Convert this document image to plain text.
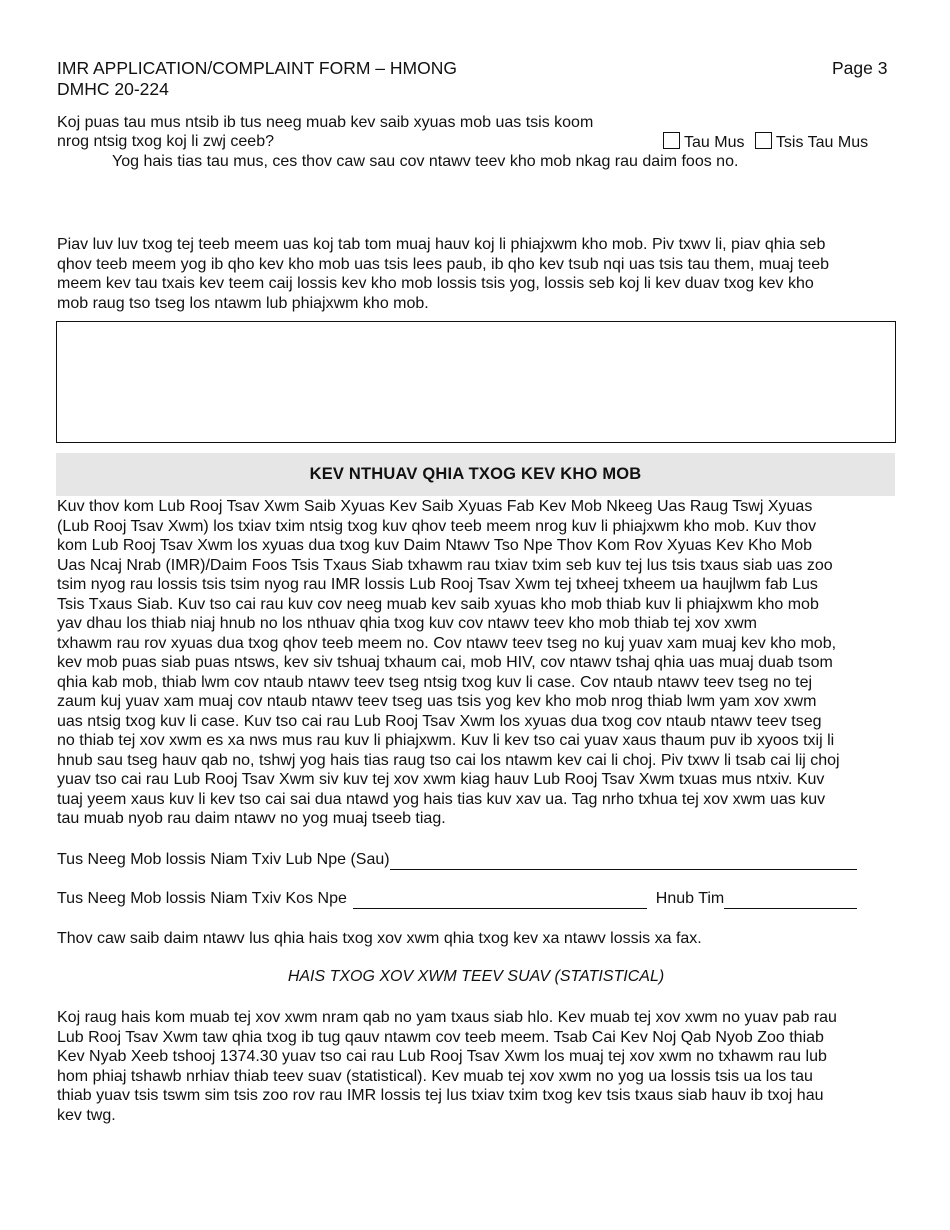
IMR APPLICATION/COMPLAINT FORM – HMONG
DMHC 20-224
Page 3
Koj puas tau mus ntsib ib tus neeg muab kev saib xyuas mob uas tsis koom
nrog ntsig txog koj li zwj ceeb?	Tau Mus Tsis Tau Mus
Yog hais tias tau mus, ces thov caw sau cov ntawv teev kho mob nkag rau daim foos no.
Piav luv luv txog tej teeb meem uas koj tab tom muaj hauv koj li phiajxwm kho mob. Piv txwv li, piav qhia seb
qhov teeb meem yog ib qho kev kho mob uas tsis lees paub, ib qho kev tsub nqi uas tsis tau them, muaj teeb
meem kev tau txais kev teem caij lossis kev kho mob lossis tsis yog, lossis seb koj li kev duav txog kev kho
mob raug tso tseg los ntawm lub phiajxwm kho mob.
KEV NTHUAV QHIA TXOG KEV KHO MOB
Kuv thov kom Lub Rooj Tsav Xwm Saib Xyuas Kev Saib Xyuas Fab Kev Mob Nkeeg Uas Raug Tswj Xyuas
(Lub Rooj Tsav Xwm) los txiav txim ntsig txog kuv qhov teeb meem nrog kuv li phiajxwm kho mob. Kuv thov
kom Lub Rooj Tsav Xwm los xyuas dua txog kuv Daim Ntawv Tso Npe Thov Kom Rov Xyuas Kev Kho Mob
Uas Ncaj Nrab (IMR)/Daim Foos Tsis Txaus Siab txhawm rau txiav txim seb kuv tej lus tsis txaus siab uas zoo
tsim nyog rau lossis tsis tsim nyog rau IMR lossis Lub Rooj Tsav Xwm tej txheej txheem ua haujlwm fab Lus
Tsis Txaus Siab. Kuv tso cai rau kuv cov neeg muab kev saib xyuas kho mob thiab kuv li phiajxwm kho mob
yav dhau los thiab niaj hnub no los nthuav qhia txog kuv cov ntawv teev kho mob thiab tej xov xwm
txhawm rau rov xyuas dua txog qhov teeb meem no. Cov ntawv teev tseg no kuj yuav xam muaj kev kho mob,
kev mob puas siab puas ntsws, kev siv tshuaj txhaum cai, mob HIV, cov ntawv tshaj qhia uas muaj duab tsom
qhia kab mob, thiab lwm cov ntaub ntawv teev tseg ntsig txog kuv li case. Cov ntaub ntawv teev tseg no tej
zaum kuj yuav xam muaj cov ntaub ntawv teev tseg uas tsis yog kev kho mob nrog thiab lwm yam xov xwm
uas ntsig txog kuv li case. Kuv tso cai rau Lub Rooj Tsav Xwm los xyuas dua txog cov ntaub ntawv teev tseg
no thiab tej xov xwm es xa nws mus rau kuv li phiajxwm. Kuv li kev tso cai yuav xaus thaum puv ib xyoos txij li
hnub sau tseg hauv qab no, tshwj yog hais tias raug tso cai los ntawm kev cai li choj. Piv txwv li tsab cai lij choj
yuav tso cai rau Lub Rooj Tsav Xwm siv kuv tej xov xwm kiag hauv Lub Rooj Tsav Xwm txuas mus ntxiv. Kuv
tuaj yeem xaus kuv li kev tso cai sai dua ntawd yog hais tias kuv xav ua. Tag nrho txhua tej xov xwm uas kuv
tau muab nyob rau daim ntawv no yog muaj tseeb tiag.
Tus Neeg Mob lossis Niam Txiv Lub Npe (Sau)
Tus Neeg Mob lossis Niam Txiv Kos Npe	Hnub Tim
Thov caw saib daim ntawv lus qhia hais txog xov xwm qhia txog kev xa ntawv lossis xa fax.
HAIS TXOG XOV XWM TEEV SUAV (STATISTICAL)
Koj raug hais kom muab tej xov xwm nram qab no yam txaus siab hlo. Kev muab tej xov xwm no yuav pab rau
Lub Rooj Tsav Xwm taw qhia txog ib tug qauv ntawm cov teeb meem. Tsab Cai Kev Noj Qab Nyob Zoo thiab
Kev Nyab Xeeb tshooj 1374.30 yuav tso cai rau Lub Rooj Tsav Xwm los muaj tej xov xwm no txhawm rau lub
hom phiaj tshawb nrhiav thiab teev suav (statistical). Kev muab tej xov xwm no yog ua lossis tsis ua los tau
thiab yuav tsis tswm sim tsis zoo rov rau IMR lossis tej lus txiav txim txog kev tsis txaus siab hauv ib txoj hau
kev twg.
